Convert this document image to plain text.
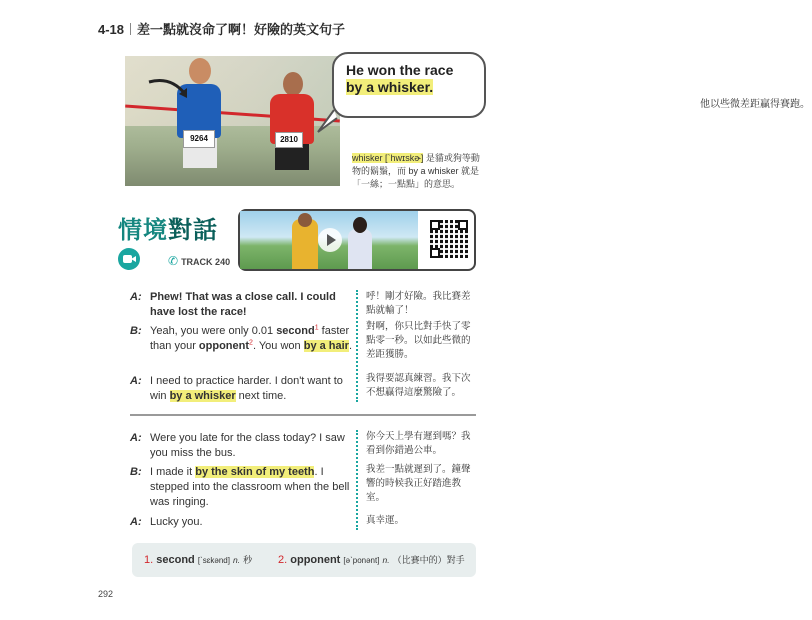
4-18 差一點就沒命了啊！好險的英文句子
9264	2810
He won the race by a whisker.
他以些微差距贏得賽跑。
whisker [ˋhwɪskɚ] 是貓或狗等動物的鬍鬚，而 by a whisker 就是「一絲；一點點」的意思。
情境對話
✆ TRACK 240
A: Phew! That was a close call. I could have lost the race!
呼！剛才好險。我比賽差點就輸了！
B: Yeah, you were only 0.01 second$^1$ faster than your opponent$^2$. You won by a hair.
對啊，你只比對手快了零點零一秒。以如此些微的差距獲勝。
A: I need to practice harder. I don't want to win by a whisker next time.
我得要認真練習。我下次不想贏得這麼驚險了。
A: Were you late for the class today? I saw you miss the bus.
你今天上學有遲到嗎？我看到你錯過公車。
B: I made it by the skin of my teeth. I stepped into the classroom when the bell was ringing.
我差一點就遲到了。鐘聲響的時候我正好踏進教室。
A: Lucky you.	真幸運。
1. second [ˋsɛkənd] n. 秒 2. opponent [əˋponənt] n. （比賽中的）對手
292
